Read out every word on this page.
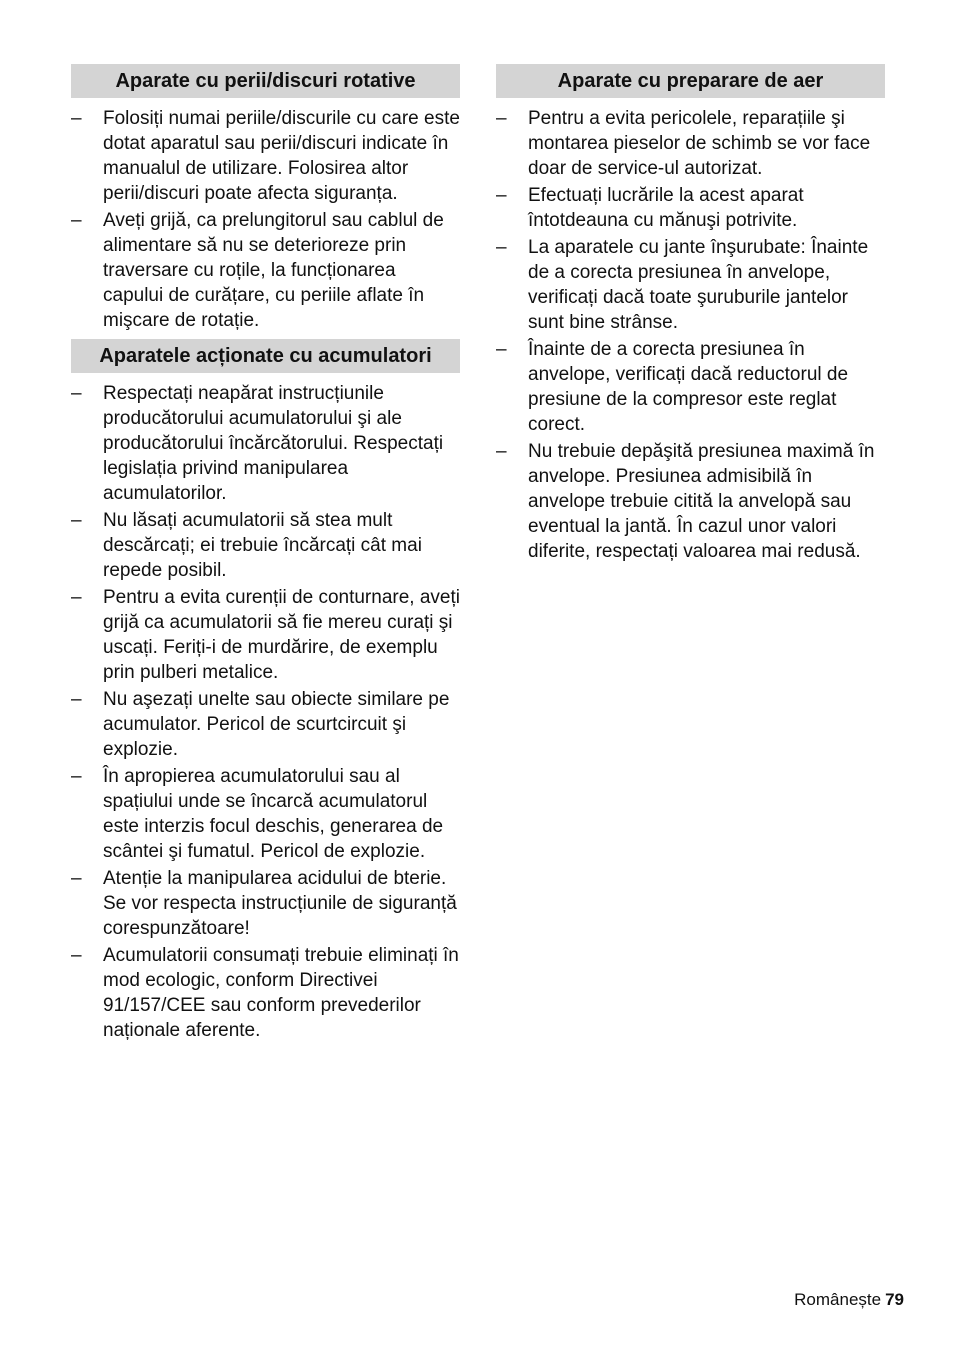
Aparate cu perii/discuri rotative
–	Folosiți numai periile/discurile cu care este dotat aparatul sau perii/discuri indicate în manualul de utilizare. Folosirea altor perii/discuri poate afecta siguranța.
–	Aveți grijă, ca prelungitorul sau cablul de alimentare să nu se deterioreze prin traversare cu roțile, la funcționarea capului de curățare, cu periile aflate în mişcare de rotație.
Aparatele acționate cu acumulatori
–	Respectați neapărat instrucțiunile producătorului acumulatorului şi ale producătorului încărcătorului. Respectați legislația privind manipularea acumulatorilor.
–	Nu lăsați acumulatorii să stea mult descărcați; ei trebuie încărcați cât mai repede posibil.
–	Pentru a evita curenții de conturnare, aveți grijă ca acumulatorii să fie mereu curați şi uscați. Feriți-i de murdărire, de exemplu prin pulberi metalice.
–	Nu aşezați unelte sau obiecte similare pe acumulator. Pericol de scurtcircuit şi explozie.
–	În apropierea acumulatorului sau al spațiului unde se încarcă acumulatorul este interzis focul deschis, generarea de scântei şi fumatul. Pericol de explozie.
–	Atenție la manipularea acidului de bterie. Se vor respecta instrucțiunile de siguranță corespunzătoare!
–	Acumulatorii consumați trebuie eliminați în mod ecologic, conform Directivei 91/157/CEE sau conform prevederilor naționale aferente.
Aparate cu preparare de aer
–	Pentru a evita pericolele, reparațiile şi montarea pieselor de schimb se vor face doar de service-ul autorizat.
–	Efectuați lucrările la acest aparat întotdeauna cu mănuşi potrivite.
–	La aparatele cu jante înşurubate: Înainte de a corecta presiunea în anvelope, verificați dacă toate şuruburile jantelor sunt bine strânse.
–	Înainte de a corecta presiunea în anvelope, verificați dacă reductorul de presiune de la compresor este reglat corect.
–	Nu trebuie depăşită presiunea maximă în anvelope. Presiunea admisibilă în anvelope trebuie citită la anvelopă sau eventual la jantă. În cazul unor valori diferite, respectați valoarea mai redusă.
Românește 79
